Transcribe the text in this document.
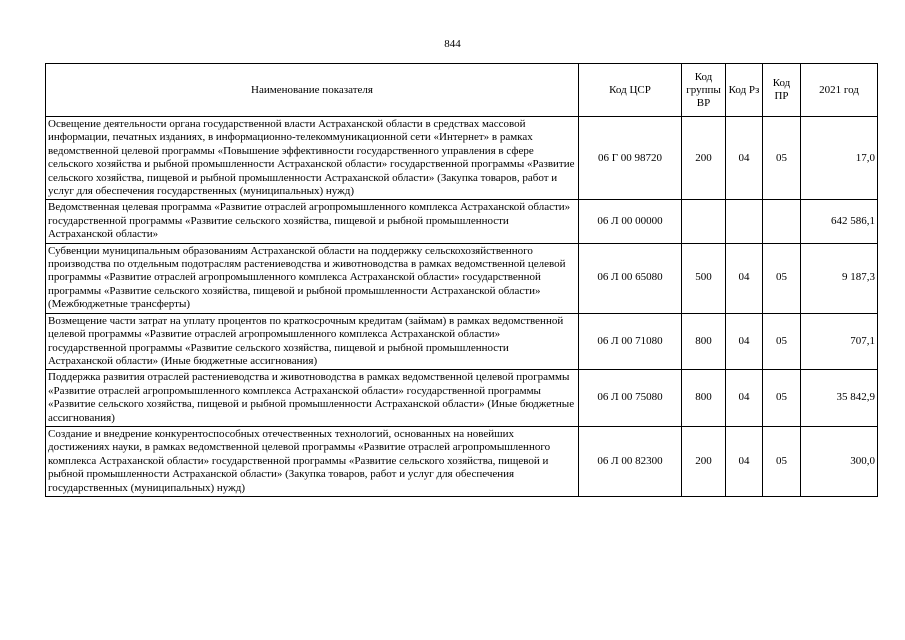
844
Наименование показателя	Код ЦСР	Код группы ВР	Код Рз	Код ПР	2021 год
Освещение деятельности органа государственной власти Астраханской области в средствах массовой информации, печатных изданиях, в информационно-телекоммуникационной сети «Интернет» в рамках ведомственной целевой программы «Повышение эффективности государственного управления в сфере сельского хозяйства и рыбной промышленности Астраханской области» государственной программы «Развитие сельского хозяйства, пищевой и рыбной промышленности Астраханской области» (Закупка товаров, работ и услуг для обеспечения государственных (муниципальных) нужд)	06 Г 00 98720	200	04	05	17,0
Ведомственная целевая программа «Развитие отраслей агропромышленного комплекса Астраханской области» государственной программы «Развитие сельского хозяйства, пищевой и рыбной промышленности Астраханской области»	06 Л 00 00000				642 586,1
Субвенции муниципальным образованиям Астраханской области на поддержку сельскохозяйственного производства по отдельным подотраслям растениеводства и животноводства в рамках ведомственной целевой программы «Развитие отраслей агропромышленного комплекса Астраханской области» государственной программы «Развитие сельского хозяйства, пищевой и рыбной промышленности Астраханской области» (Межбюджетные трансферты)	06 Л 00 65080	500	04	05	9 187,3
Возмещение части затрат на уплату процентов по краткосрочным кредитам (займам) в рамках ведомственной целевой программы «Развитие отраслей агропромышленного комплекса Астраханской области» государственной программы «Развитие сельского хозяйства, пищевой и рыбной промышленности Астраханской области» (Иные бюджетные ассигнования)	06 Л 00 71080	800	04	05	707,1
Поддержка развития отраслей растениеводства и животноводства в рамках ведомственной целевой программы «Развитие отраслей агропромышленного комплекса Астраханской области» государственной программы «Развитие сельского хозяйства, пищевой и рыбной промышленности Астраханской области» (Иные бюджетные ассигнования)	06 Л 00 75080	800	04	05	35 842,9
Создание и внедрение конкурентоспособных отечественных технологий, основанных на новейших достижениях науки, в рамках ведомственной целевой программы «Развитие отраслей агропромышленного комплекса Астраханской области» государственной программы «Развитие сельского хозяйства, пищевой и рыбной промышленности Астраханской области» (Закупка товаров, работ и услуг для обеспечения государственных (муниципальных) нужд)	06 Л 00 82300	200	04	05	300,0
